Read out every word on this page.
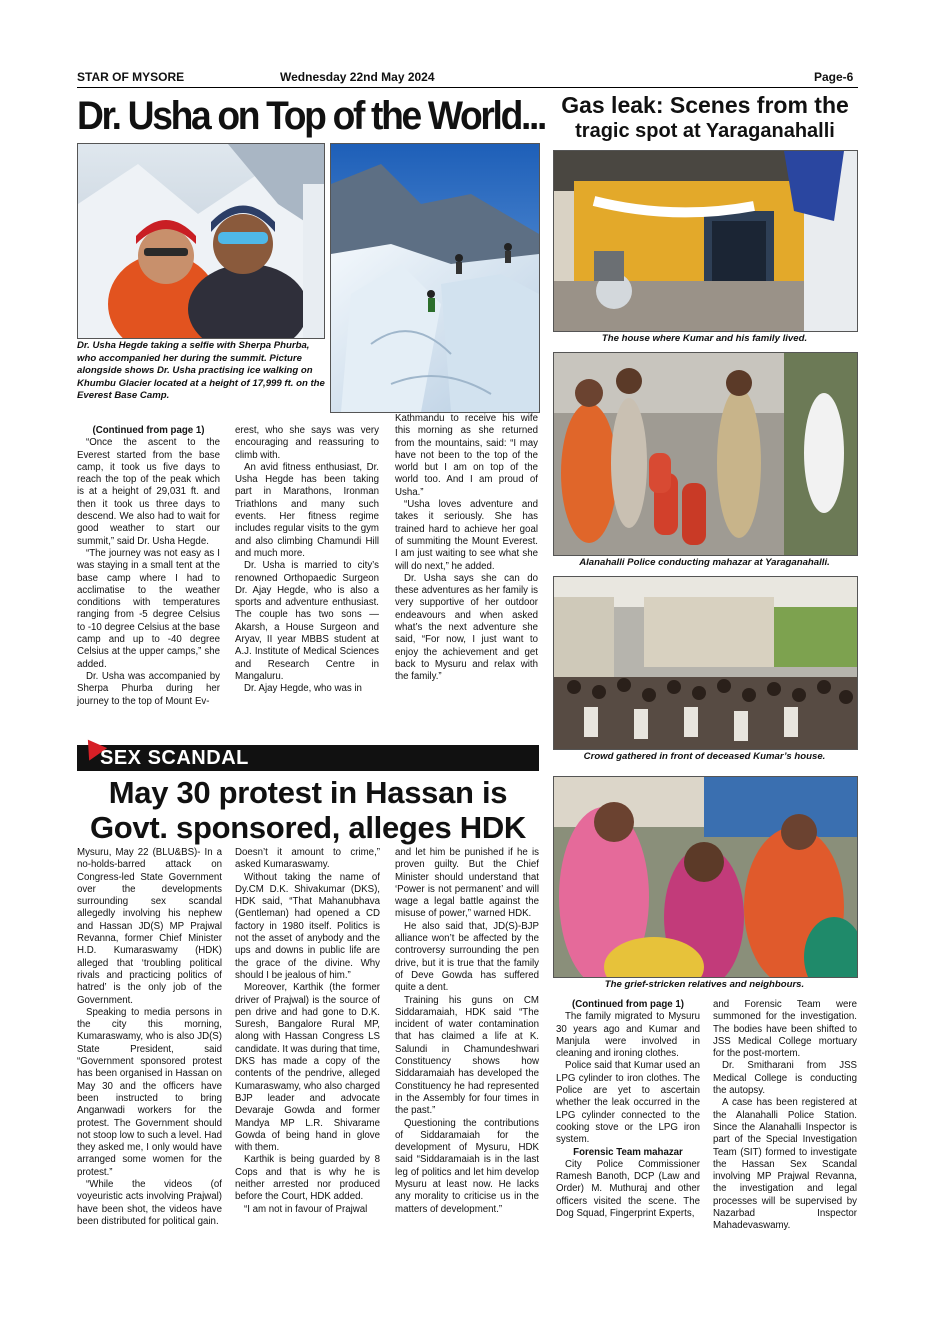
STAR OF MYSORE	Wednesday 22nd May 2024	Page-6
Dr. Usha on Top of the World... Gas leak: Scenes from the
tragic spot at Yaraganahalli
Dr. Usha Hegde taking a selfie with Sherpa Phurba, who accompanied her during the summit. Picture alongside shows Dr. Usha practising ice walking on Khumbu Glacier located at a height of 17,999 ft. on the Everest Base Camp.

(Continued from page 1)

“Once the ascent to the Everest started from the base camp, it took us five days to reach the top of the peak which is at a height of 29,031 ft. and then it took us three days to descend. We also had to wait for good weather to start our summit,” said Dr. Usha Hegde.

“The journey was not easy as I was staying in a small tent at the base camp where I had to acclimatise to the weather conditions with temperatures ranging from -5 degree Celsius to -10 degree Celsius at the base camp and up to -40 degree Celsius at the upper camps,” she added.

Dr. Usha was accompanied by Sherpa Phurba during her journey to the top of Mount Ev-

erest, who she says was very encouraging and reassuring to climb with.

An avid fitness enthusiast, Dr. Usha Hegde has been taking part in Marathons, Ironman Triathlons and many such events. Her fitness regime includes regular visits to the gym and also climbing Chamundi Hill and much more.

Dr. Usha is married to city’s renowned Orthopaedic Surgeon Dr. Ajay Hegde, who is also a sports and adventure enthusiast. The couple has two sons — Akarsh, a House Surgeon and Aryav, II year MBBS student at A.J. Institute of Medical Sciences and Research Centre in Mangaluru.

Dr. Ajay Hegde, who was in

Kathmandu to receive his wife this morning as she returned from the mountains, said: “I may have not been to the top of the world but I am on top of the world too. And I am proud of Usha.”

“Usha loves adventure and takes it seriously. She has trained hard to achieve her goal of summiting the Mount Everest. I am just waiting to see what she will do next,” he added.

Dr. Usha says she can do these adventures as her family is very supportive of her outdoor endeavours and when asked what’s the next adventure she said, “For now, I just want to enjoy the achievement and get back to Mysuru and relax with the family.”

The house where Kumar and his family lived.
Alanahalli Police conducting mahazar at Yaraganahalli.
Crowd gathered in front of deceased Kumar’s house.
The grief-stricken relatives and neighbours.

(Continued from page 1)

The family migrated to Mysuru 30 years ago and Kumar and Manjula were involved in cleaning and ironing clothes.

Police said that Kumar used an LPG cylinder to iron clothes. The Police are yet to ascertain whether the leak occurred in the LPG cylinder connected to the cooking stove or the LPG iron system.

Forensic Team mahazar

City Police Commissioner Ramesh Banoth, DCP (Law and Order) M. Muthuraj and other officers visited the scene. The Dog Squad, Fingerprint Experts,

and Forensic Team were summoned for the investigation. The bodies have been shifted to JSS Medical College mortuary for the post-mortem.

Dr. Smitharani from JSS Medical College is conducting the autopsy.

A case has been registered at the Alanahalli Police Station. Since the Alanahalli Inspector is part of the Special Investigation Team (SIT) formed to investigate the Hassan Sex Scandal involving MP Prajwal Revanna, the investigation and legal processes will be supervised by Nazarbad Inspector Mahadevaswamy.

SEX SCANDAL
May 30 protest in Hassan is
Govt. sponsored, alleges HDK

Mysuru, May 22 (BLU&BS)- In a no-holds-barred attack on Congress-led State Government over the developments surrounding sex scandal allegedly involving his nephew and Hassan JD(S) MP Prajwal Revanna, former Chief Minister H.D. Kumaraswamy (HDK) alleged that ‘troubling political rivals and practicing politics of hatred’ is the only job of the Government.

Speaking to media persons in the city this morning, Kumaraswamy, who is also JD(S) State President, said “Government sponsored protest has been organised in Hassan on May 30 and the officers have been instructed to bring Anganwadi workers for the protest. The Government should not stoop low to such a level. Had they asked me, I only would have arranged some women for the protest.”

“While the videos (of voyeuristic acts involving Prajwal) have been shot, the videos have been distributed for political gain.

Doesn’t it amount to crime,” asked Kumaraswamy.

Without taking the name of Dy.CM D.K. Shivakumar (DKS), HDK said, “That Mahanubhava (Gentleman) had opened a CD factory in 1980 itself. Politics is not the asset of anybody and the ups and downs in public life are the grace of the divine. Why should I be jealous of him.”

Moreover, Karthik (the former driver of Prajwal) is the source of pen drive and had gone to D.K. Suresh, Bangalore Rural MP, along with Hassan Congress LS candidate. It was during that time, DKS has made a copy of the contents of the pendrive, alleged Kumaraswamy, who also charged BJP leader and advocate Devaraje Gowda and former Mandya MP L.R. Shivarame Gowda of being hand in glove with them.

Karthik is being guarded by 8 Cops and that is why he is neither arrested nor produced before the Court, HDK added.

“I am not in favour of Prajwal

and let him be punished if he is proven guilty. But the Chief Minister should understand that ‘Power is not permanent’ and will wage a legal battle against the misuse of power,” warned HDK.

He also said that, JD(S)-BJP alliance won’t be affected by the controversy surrounding the pen drive, but it is true that the family of Deve Gowda has suffered quite a dent.

Training his guns on CM Siddaramaiah, HDK said “The incident of water contamination that has claimed a life at K. Salundi in Chamundeshwari Constituency shows how Siddaramaiah has developed the Constituency he had represented in the Assembly for four times in the past.”

Questioning the contributions of Siddaramaiah for the development of Mysuru, HDK said “Siddaramaiah is in the last leg of politics and let him develop Mysuru at least now. He lacks any morality to criticise us in the matters of development.”
